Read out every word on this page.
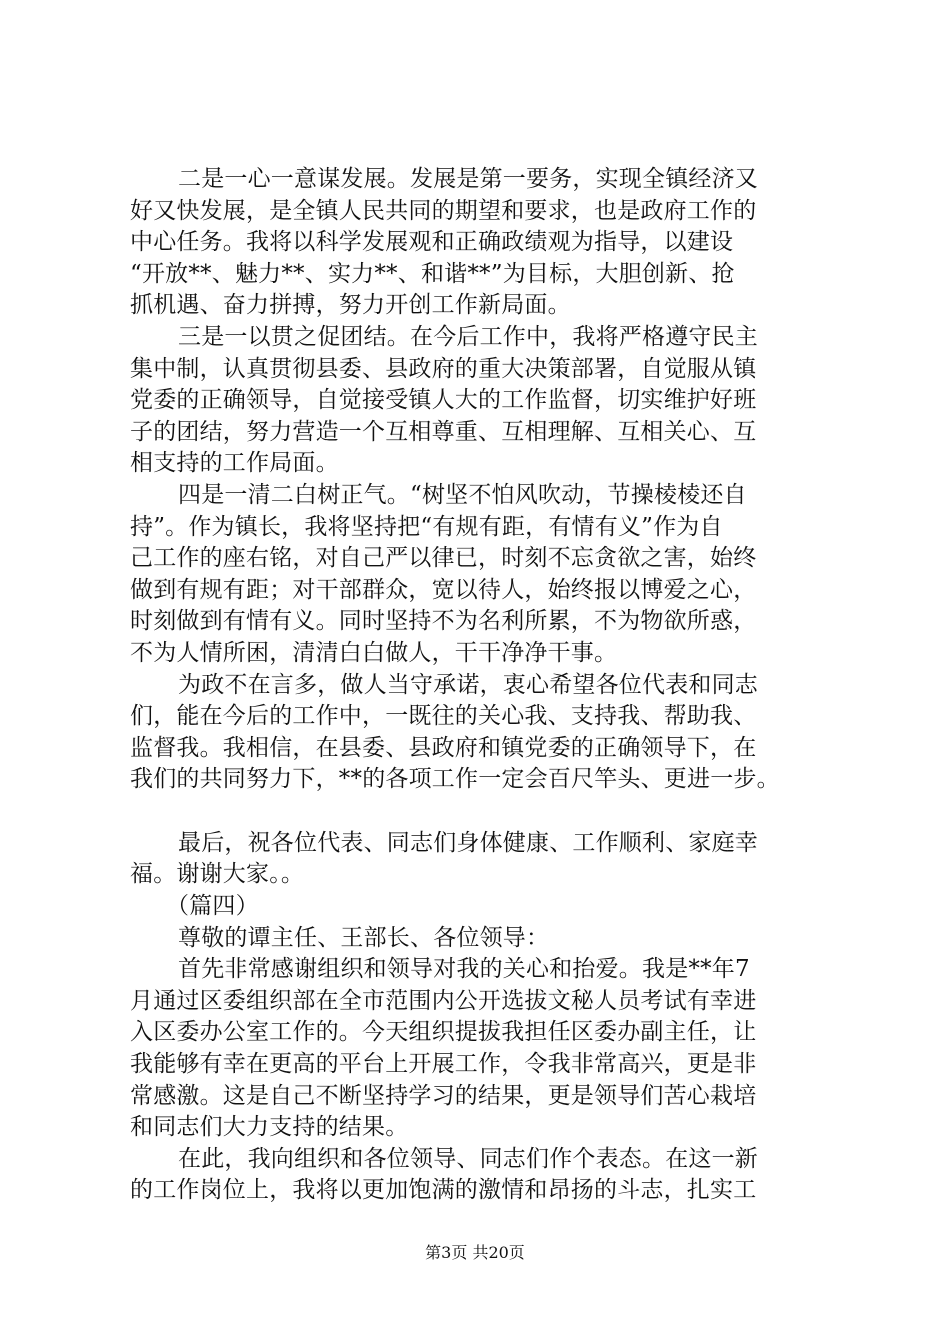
二是一心一意谋发展。发展是第一要务，实现全镇经济又
好又快发展，是全镇人民共同的期望和要求，也是政府工作的
中心任务。我将以科学发展观和正确政绩观为指导，以建设
“开放**、魅力**、实力**、和谐**”为目标，大胆创新、抢
抓机遇、奋力拼搏，努力开创工作新局面。
三是一以贯之促团结。在今后工作中，我将严格遵守民主
集中制，认真贯彻县委、县政府的重大决策部署，自觉服从镇
党委的正确领导，自觉接受镇人大的工作监督，切实维护好班
子的团结，努力营造一个互相尊重、互相理解、互相关心、互
相支持的工作局面。
四是一清二白树正气。“树坚不怕风吹动，节操棱棱还自
持”。作为镇长，我将坚持把“有规有距，有情有义”作为自
己工作的座右铭，对自己严以律已，时刻不忘贪欲之害，始终
做到有规有距；对干部群众，宽以待人，始终报以博爱之心，
时刻做到有情有义。同时坚持不为名利所累，不为物欲所惑，
不为人情所困，清清白白做人，干干净净干事。
为政不在言多，做人当守承诺，衷心希望各位代表和同志
们，能在今后的工作中，一既往的关心我、支持我、帮助我、
监督我。我相信，在县委、县政府和镇党委的正确领导下，在
我们的共同努力下，**的各项工作一定会百尺竿头、更进一步。
最后，祝各位代表、同志们身体健康、工作顺利、家庭幸
福。谢谢大家。。
（篇四）
尊敬的谭主任、王部长、各位领导：
首先非常感谢组织和领导对我的关心和抬爱。我是**年7
月通过区委组织部在全市范围内公开选拔文秘人员考试有幸进
入区委办公室工作的。今天组织提拔我担任区委办副主任，让
我能够有幸在更高的平台上开展工作，令我非常高兴，更是非
常感激。这是自己不断坚持学习的结果，更是领导们苦心栽培
和同志们大力支持的结果。
在此，我向组织和各位领导、同志们作个表态。在这一新
的工作岗位上，我将以更加饱满的激情和昂扬的斗志，扎实工
第3页 共20页
